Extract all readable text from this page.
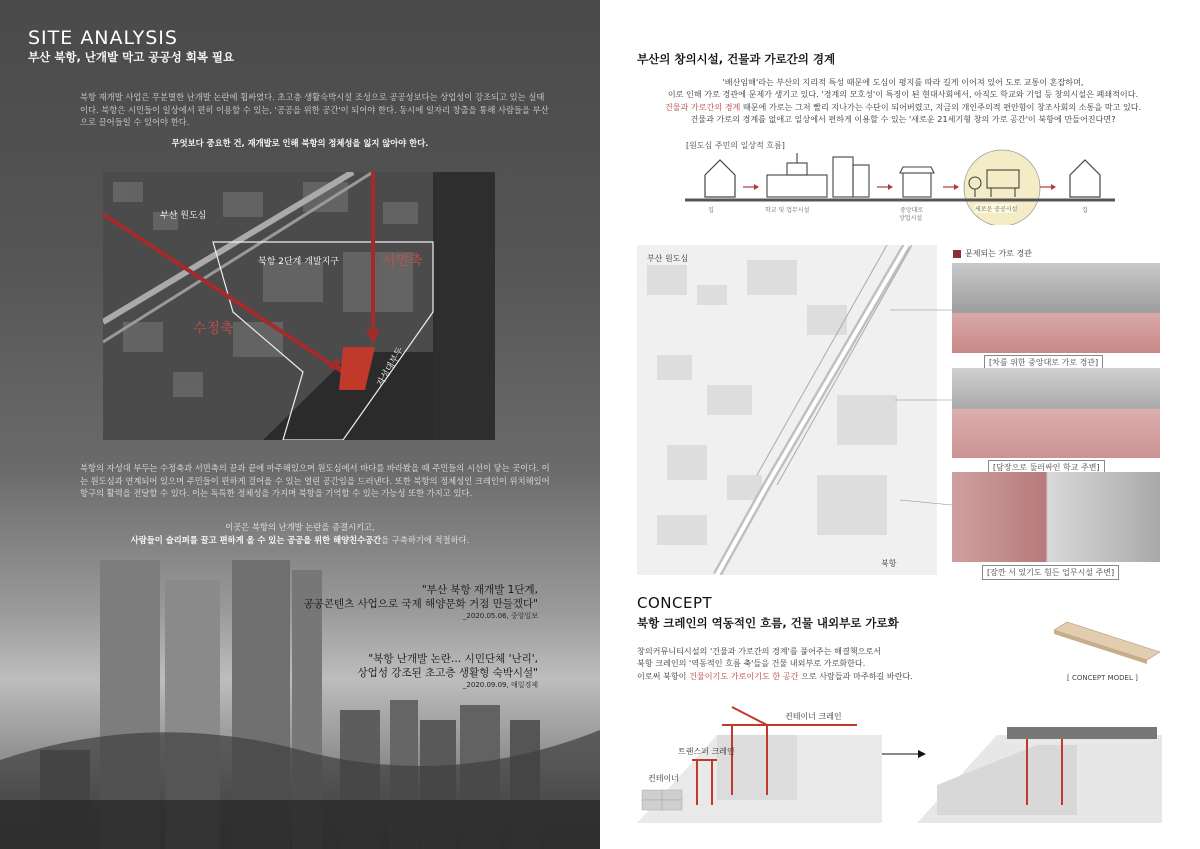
SITE ANALYSIS
부산 북항, 난개발 막고 공공성 회복 필요
북항 재개발 사업은 무분별한 난개발 논란에 휩싸였다. 초고층 생활숙박시설 조성으로 공공성보다는 상업성이 강조되고 있는 실태이다. 북항은 시민들이 일상에서 편히 이용할 수 있는, '공공을 위한 공간'이 되어야 한다. 동시에 일자리 창출을 통해 사람들을 부산으로 끌어들일 수 있어야 한다.
무엇보다 중요한 건, 재개발로 인해 북항의 정체성을 잃지 않아야 한다.
부산 원도심
북항 2단계 개발지구	서면축
수정축
자성대부두
북항의 자성대 부두는 수정축과 서면축의 끝과 끝에 마주해있으며 원도심에서 바다를 바라봤을 때 주민들의 시선이 닿는 곳이다. 이는 원도심과 연계되어 있으며 주민들이 편하게 걸어올 수 있는 열린 공간임을 드러낸다. 또한 북항의 정체성인 크레인이 위치해있어 항구의 활력을 전달할 수 있다. 이는 독특한 정체성을 가지며 북항을 기억할 수 있는 가능성 또한 가지고 있다.
이곳은 북항의 난개발 논란을 종결시키고,
사람들이 슬리퍼를 끌고 편하게 올 수 있는 공공을 위한 해양친수공간을 구축하기에 적절하다.
"부산 북항 재개발 1단계,
공공콘텐츠 사업으로 국제 해양문화 거점 만들겠다"
_2020.05.06, 중앙일보
"북항 난개발 논란… 시민단체 '난리',
상업성 강조된 초고층 생활형 숙박시설"
_2020.09.09, 매일경제
부산의 창의시설, 건물과 가로간의 경계
'배산임해'라는 부산의 지리적 특성 때문에 도심이 평지를 따라 길게 이어져 있어 도로 교통이 혼잡하며,
이로 인해 가로 경관에 문제가 생기고 있다. '경계의 모호성'이 특징이 된 현대사회에서, 아직도 학교와 기업 등 창의시설은 폐쇄적이다.
건물과 가로간의 경계 때문에 가로는 그저 빨리 지나가는 수단이 되어버렸고, 지금의 개인주의적 편안함이 창조사회의 소통을 막고 있다.
건물과 가로의 경계를 없애고 일상에서 편하게 이용할 수 있는 '새로운 21세기형 창의 가로 공간'이 북항에 만들어진다면?
[원도심 주민의 일상적 흐름]
집	학교 및 업무시설	중앙대로
상업시설
새로운 공공시설	집
부산 원도심
북항
문제되는 가로 경관
[차를 위한 중앙대로 가로 경관]
[담장으로 둘러싸인 학교 주변]
[잠깐 서 있기도 힘든 업무시설 주변]
CONCEPT
북항 크레인의 역동적인 흐름, 건물 내외부로 가로화
창의커뮤니티시설의 '건물과 가로간의 경계'를 풀어주는 해결책으로서
북항 크레인의 '역동적인 흐름 축'들을 건물 내외부로 가로화한다.
이로써 북항이 건물이기도 가로이기도 한 공간 으로 사람들과 마주하길 바란다.	[ CONCEPT MODEL ]
컨테이너 크레인
트랜스퍼 크레인
컨테이너
